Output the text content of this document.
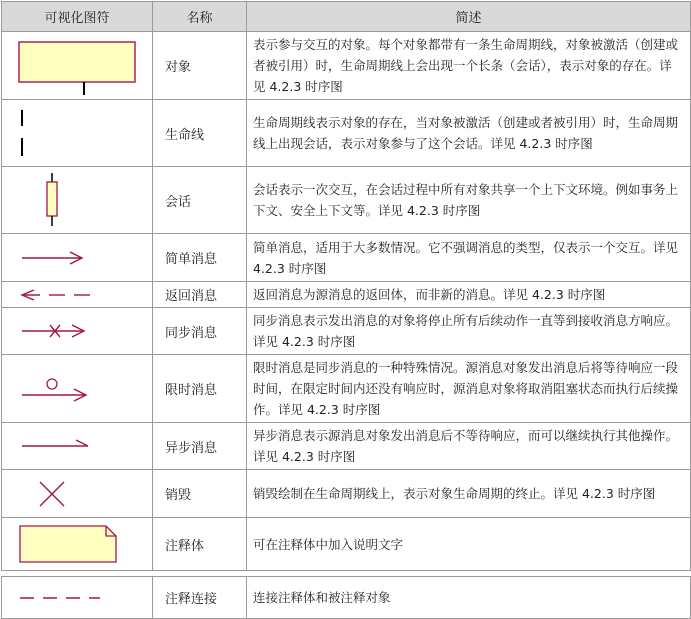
可视化图符	名称	简述

	对象	表示参与交互的对象。每个对象都带有一条生命周期线，对象被激活（创建或者被引用）时，生命周期线上会出现一个长条（会话），表示对象的存在。详见 4.2.3 时序图

	生命线	生命周期线表示对象的存在，当对象被激活（创建或者被引用）时，生命周期线上出现会话，表示对象参与了这个会话。详见 4.2.3 时序图

	会话	会话表示一次交互，在会话过程中所有对象共享一个上下文环境。例如事务上下文、安全上下文等。详见 4.2.3 时序图

	简单消息	简单消息，适用于大多数情况。它不强调消息的类型，仅表示一个交互。详见 4.2.3 时序图

	返回消息	返回消息为源消息的返回体，而非新的消息。详见 4.2.3 时序图

	同步消息	同步消息表示发出消息的对象将停止所有后续动作一直等到接收消息方响应。详见 4.2.3 时序图

	限时消息	限时消息是同步消息的一种特殊情况。源消息对象发出消息后将等待响应一段时间，在限定时间内还没有响应时，源消息对象将取消阻塞状态而执行后续操作。详见 4.2.3 时序图

	异步消息	异步消息表示源消息对象发出消息后不等待响应，而可以继续执行其他操作。详见 4.2.3 时序图

	销毁	销毁绘制在生命周期线上，表示对象生命周期的终止。详见 4.2.3 时序图

	注释体	可在注释体中加入说明文字

	注释连接	连接注释体和被注释对象
